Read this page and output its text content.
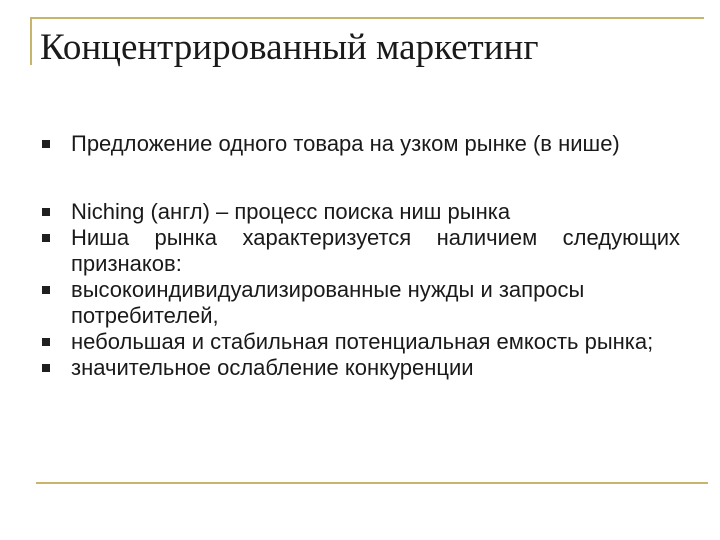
Концентрированный маркетинг
Предложение одного товара на узком рынке (в нише)
Niching (англ) – процесс поиска ниш рынка
Ниша рынка характеризуется наличием следующих признаков:
высокоиндивидуализированные нужды и запросы потребителей,
небольшая и стабильная потенциальная емкость рынка;
значительное ослабление конкуренции
